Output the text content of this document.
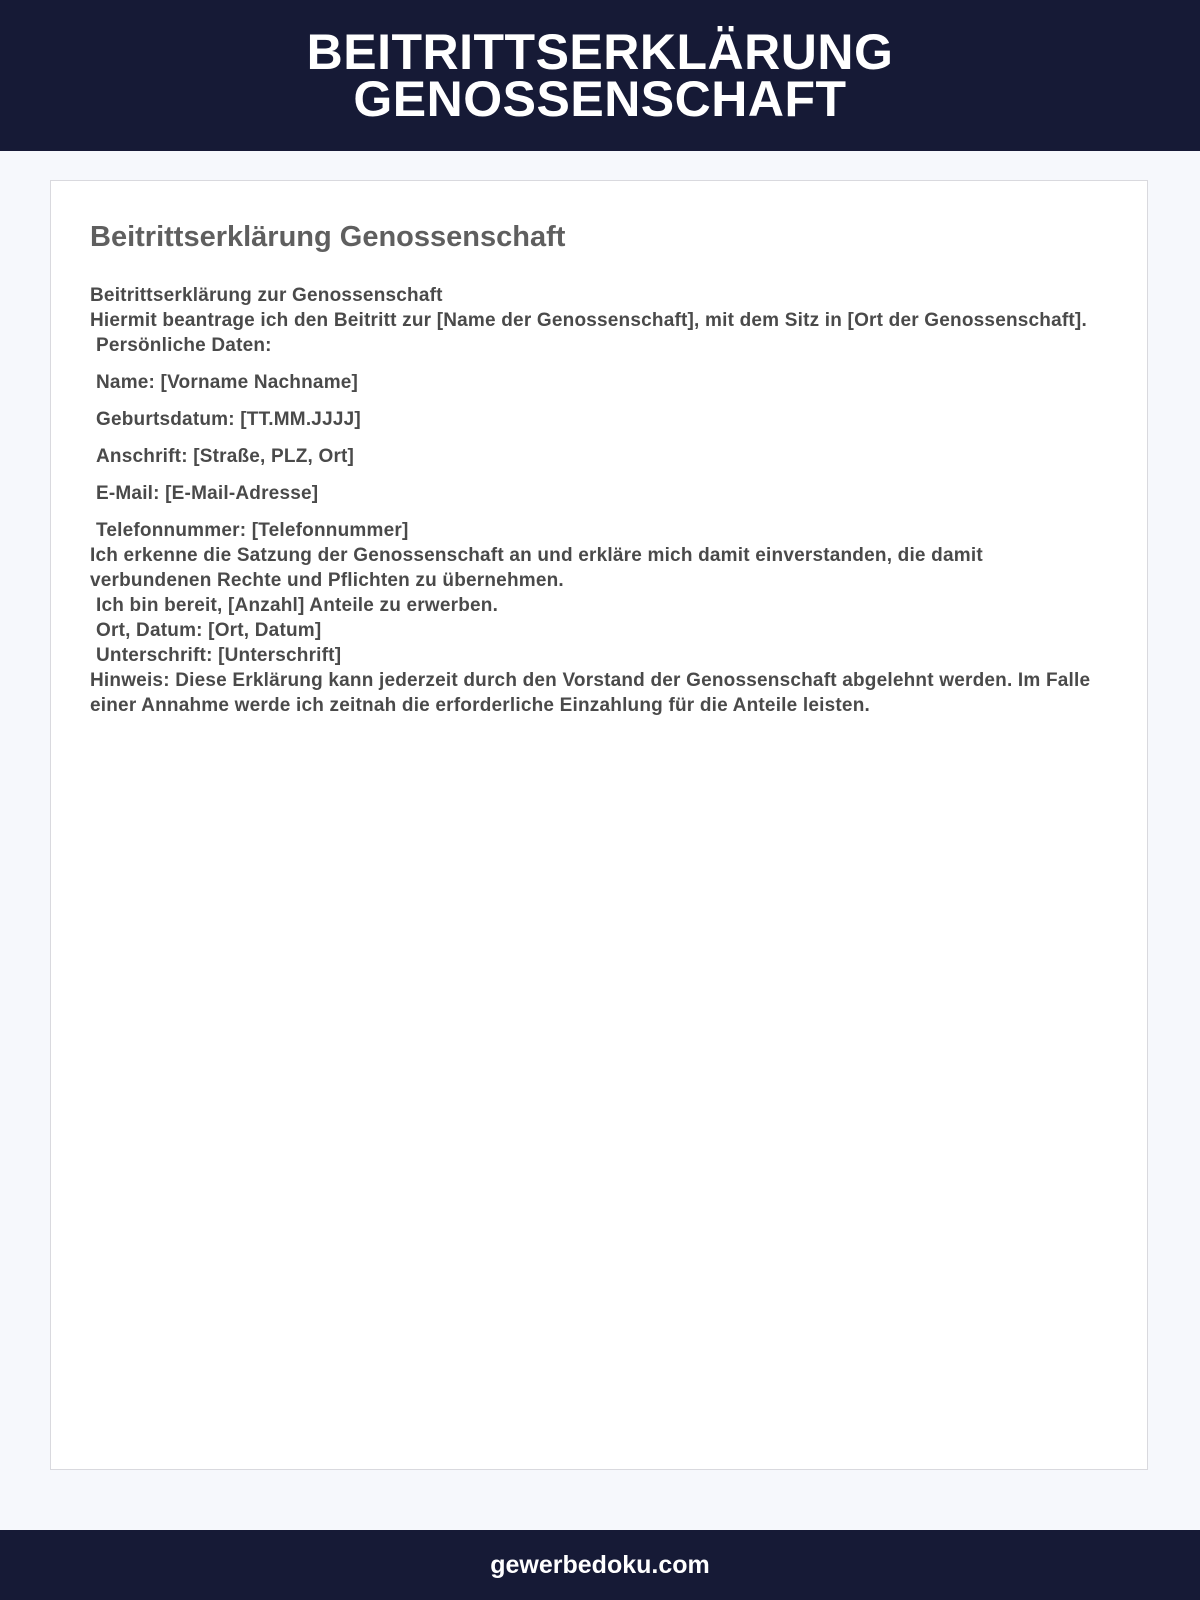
BEITRITTSERKLÄRUNG
GENOSSENSCHAFT
Beitrittserklärung Genossenschaft
Beitrittserklärung zur Genossenschaft
Hiermit beantrage ich den Beitritt zur [Name der Genossenschaft], mit dem Sitz in [Ort der Genossenschaft].
Persönliche Daten:
Name: [Vorname Nachname]
Geburtsdatum: [TT.MM.JJJJ]
Anschrift: [Straße, PLZ, Ort]
E-Mail: [E-Mail-Adresse]
Telefonnummer: [Telefonnummer]
Ich erkenne die Satzung der Genossenschaft an und erkläre mich damit einverstanden, die damit verbundenen Rechte und Pflichten zu übernehmen.
Ich bin bereit, [Anzahl] Anteile zu erwerben.
Ort, Datum: [Ort, Datum]
Unterschrift: [Unterschrift]
Hinweis: Diese Erklärung kann jederzeit durch den Vorstand der Genossenschaft abgelehnt werden. Im Falle einer Annahme werde ich zeitnah die erforderliche Einzahlung für die Anteile leisten.
gewerbedoku.com
